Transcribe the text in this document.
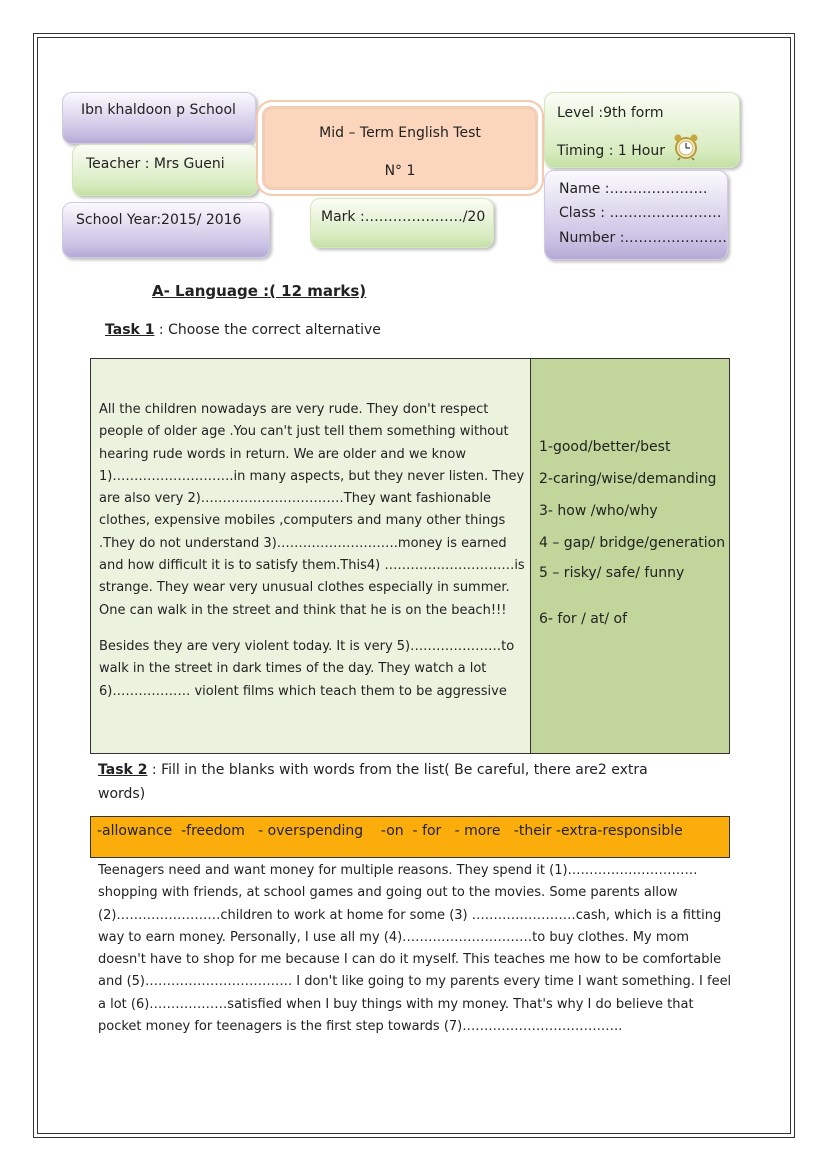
Ibn khaldoon p School
Teacher : Mrs Gueni
School Year:2015/ 2016
Mid – Term English Test
N° 1
Mark :…………………/20
Level :9th form
Timing : 1 Hour
Name :…………………
Class : ……………………
Number :………………….
A- Language :( 12 marks)
Task 1 : Choose the correct alternative

All the children nowadays are very rude. They don't respect people of older age .You can't just tell them something without hearing rude words in return. We are older and we know 1)……………………….in many aspects, but they never listen. They are also very 2)……………………………They want fashionable clothes, expensive mobiles ,computers and many other things .They do not understand 3)……………………….money is earned and how difficult it is to satisfy them.This4) …………………………is strange. They wear very unusual clothes especially in summer. One can walk in the street and think that he is on the beach!!!

Besides they are very violent today. It is very 5)…………………to walk in the street in dark times of the day. They watch a lot 6)……………… violent films which teach them to be aggressive

1-good/better/best
2-caring/wise/demanding
3- how /who/why
4 – gap/ bridge/generation
5 – risky/ safe/ funny
6- for / at/ of
Task 2 : Fill in the blanks with words from the list( Be careful, there are2 extra words)
-allowance  -freedom   - overspending    -on  - for   - more   -their -extra-responsible

Teenagers need and want money for multiple reasons. They spend it (1)…………………………shopping with friends, at school games and going out to the movies. Some parents allow (2)……………………children to work at home for some (3) ……………………cash, which is a fitting way to earn money. Personally, I use all my (4)…………………………to buy clothes. My mom doesn't have to shop for me because I can do it myself. This teaches me how to be comfortable and (5)……………………………. I don't like going to my parents every time I want something. I feel a lot (6)………………satisfied when I buy things with my money. That's why I do believe that pocket money for teenagers is the first step towards (7)……………………………….
